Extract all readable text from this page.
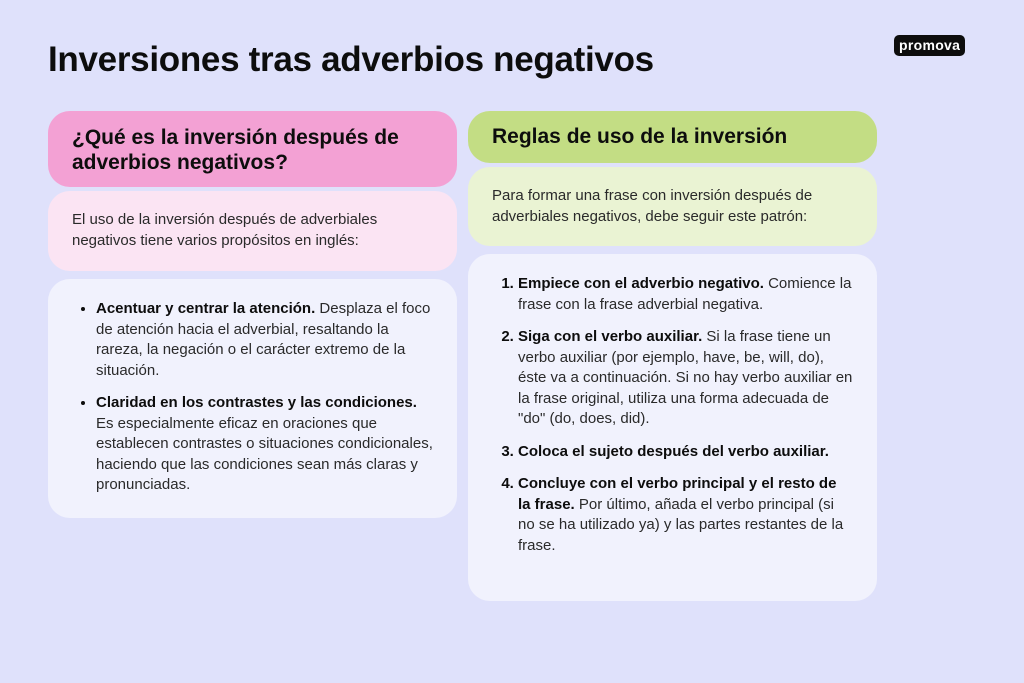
Inversiones tras adverbios negativos	promova
¿Qué es la inversión después de adverbios negativos?
El uso de la inversión después de adverbiales negativos tiene varios propósitos en inglés:
• Acentuar y centrar la atención. Desplaza el foco de atención hacia el adverbial, resaltando la rareza, la negación o el carácter extremo de la situación.
• Claridad en los contrastes y las condiciones. Es especialmente eficaz en oraciones que establecen contrastes o situaciones condicionales, haciendo que las condiciones sean más claras y pronunciadas.
Reglas de uso de la inversión
Para formar una frase con inversión después de adverbiales negativos, debe seguir este patrón:
1. Empiece con el adverbio negativo. Comience la frase con la frase adverbial negativa.
2. Siga con el verbo auxiliar. Si la frase tiene un verbo auxiliar (por ejemplo, have, be, will, do), éste va a continuación. Si no hay verbo auxiliar en la frase original, utiliza una forma adecuada de "do" (do, does, did).
3. Coloca el sujeto después del verbo auxiliar.
4. Concluye con el verbo principal y el resto de la frase. Por último, añada el verbo principal (si no se ha utilizado ya) y las partes restantes de la frase.
